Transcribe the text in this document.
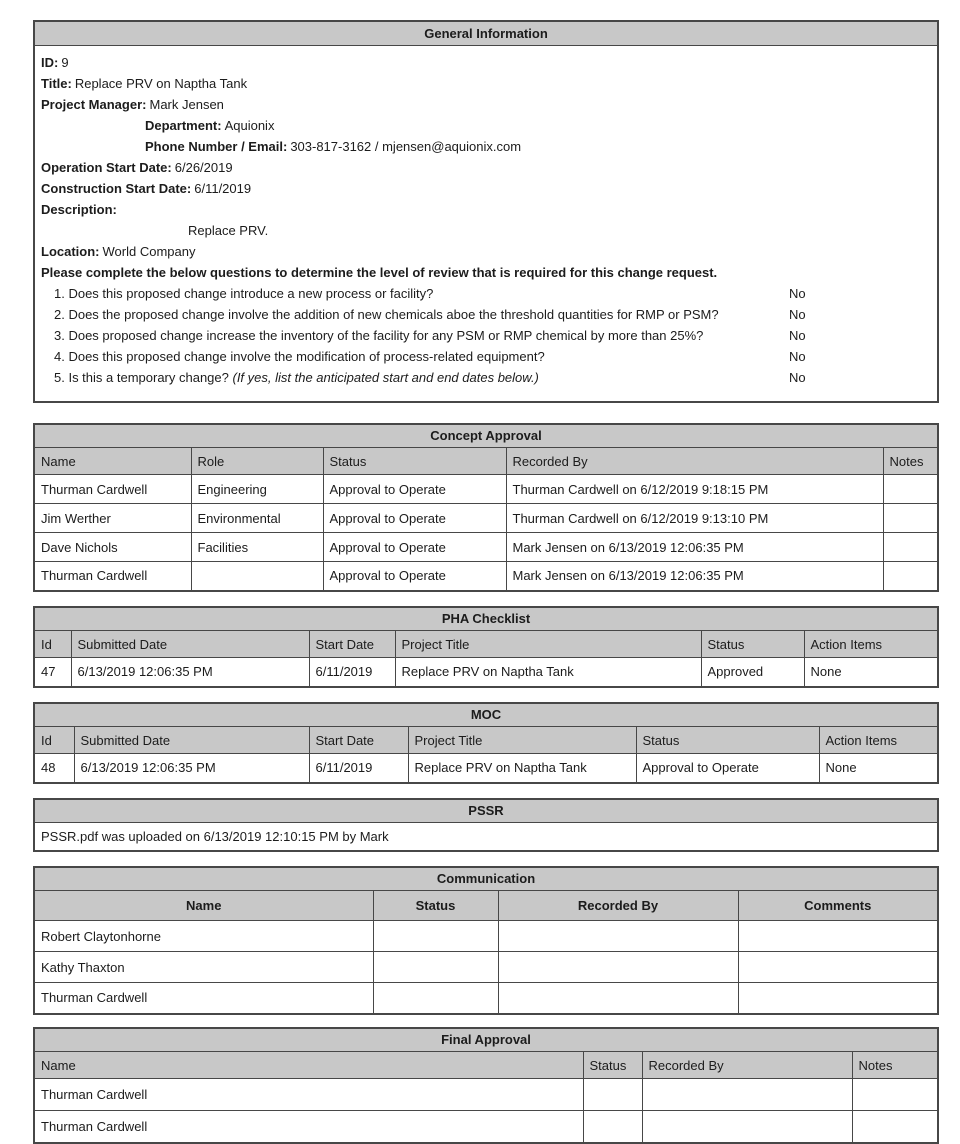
General Information

ID: 9
Title: Replace PRV on Naptha Tank
Project Manager: Mark Jensen
Department: Aquionix
Phone Number / Email: 303-817-3162 / mjensen@aquionix.com
Operation Start Date: 6/26/2019
Construction Start Date: 6/11/2019
Description:
Replace PRV.
Location: World Company
Please complete the below questions to determine the level of review that is required for this change request.
1. Does this proposed change introduce a new process or facility?	No
2. Does the proposed change involve the addition of new chemicals aboe the threshold quantities for RMP or PSM?	No
3. Does proposed change increase the inventory of the facility for any PSM or RMP chemical by more than 25%?	No
4. Does this proposed change involve the modification of process-related equipment?	No
5. Is this a temporary change? (If yes, list the anticipated start and end dates below.)	No
Concept Approval				
Name	Role	Status	Recorded By	Notes
Thurman Cardwell	Engineering	Approval to Operate	Thurman Cardwell on 6/12/2019 9:18:15 PM	
Jim Werther	Environmental	Approval to Operate	Thurman Cardwell on 6/12/2019 9:13:10 PM	
Dave Nichols	Facilities	Approval to Operate	Mark Jensen on 6/13/2019 12:06:35 PM	
Thurman Cardwell		Approval to Operate	Mark Jensen on 6/13/2019 12:06:35 PM	
PHA Checklist					
Id	Submitted Date	Start Date	Project Title	Status	Action Items
47	6/13/2019 12:06:35 PM	6/11/2019	Replace PRV on Naptha Tank	Approved	None
MOC					
Id	Submitted Date	Start Date	Project Title	Status	Action Items
48	6/13/2019 12:06:35 PM	6/11/2019	Replace PRV on Naptha Tank	Approval to Operate	None
PSSR
PSSR.pdf was uploaded on 6/13/2019 12:10:15 PM by Mark
Communication			
Name	Status	Recorded By	Comments
Robert Claytonhorne			
Kathy Thaxton			
Thurman Cardwell			
Final Approval			
Name	Status	Recorded By	Notes
Thurman Cardwell			
Thurman Cardwell			
